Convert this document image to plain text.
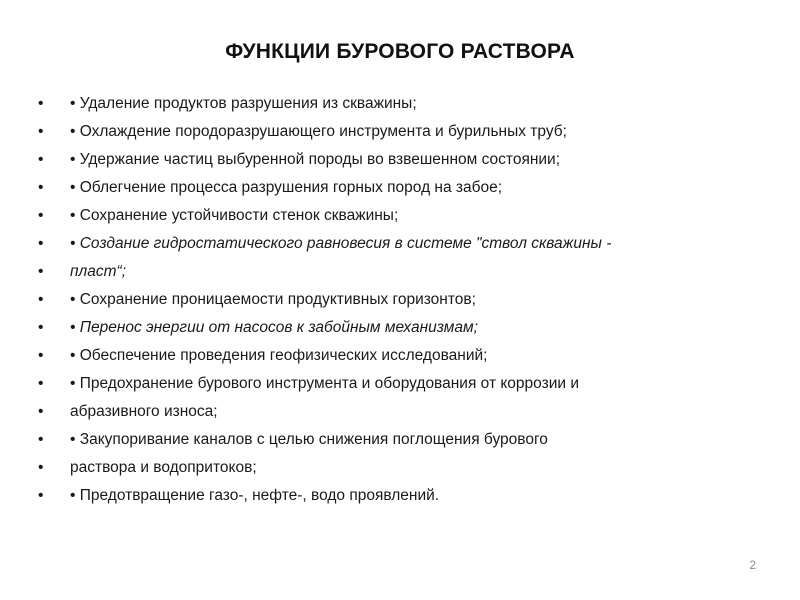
ФУНКЦИИ БУРОВОГО РАСТВОРА
• • Удаление продуктов разрушения из скважины;
• • Охлаждение породоразрушающего инструмента и бурильных труб;
• • Удержание частиц выбуренной породы во взвешенном состоянии;
• • Облегчение процесса разрушения горных пород на забое;
• • Сохранение устойчивости стенок скважины;
• • Создание гидростатического равновесия в системе "ствол скважины -
• пласт“;
• • Сохранение проницаемости продуктивных горизонтов;
• • Перенос энергии от насосов к забойным механизмам;
• • Обеспечение проведения геофизических исследований;
• • Предохранение бурового инструмента и оборудования от коррозии и
• абразивного износа;
• • Закупоривание каналов с целью снижения поглощения бурового
• раствора и водопритоков;
• • Предотвращение газо-, нефте-, водо проявлений.
2
